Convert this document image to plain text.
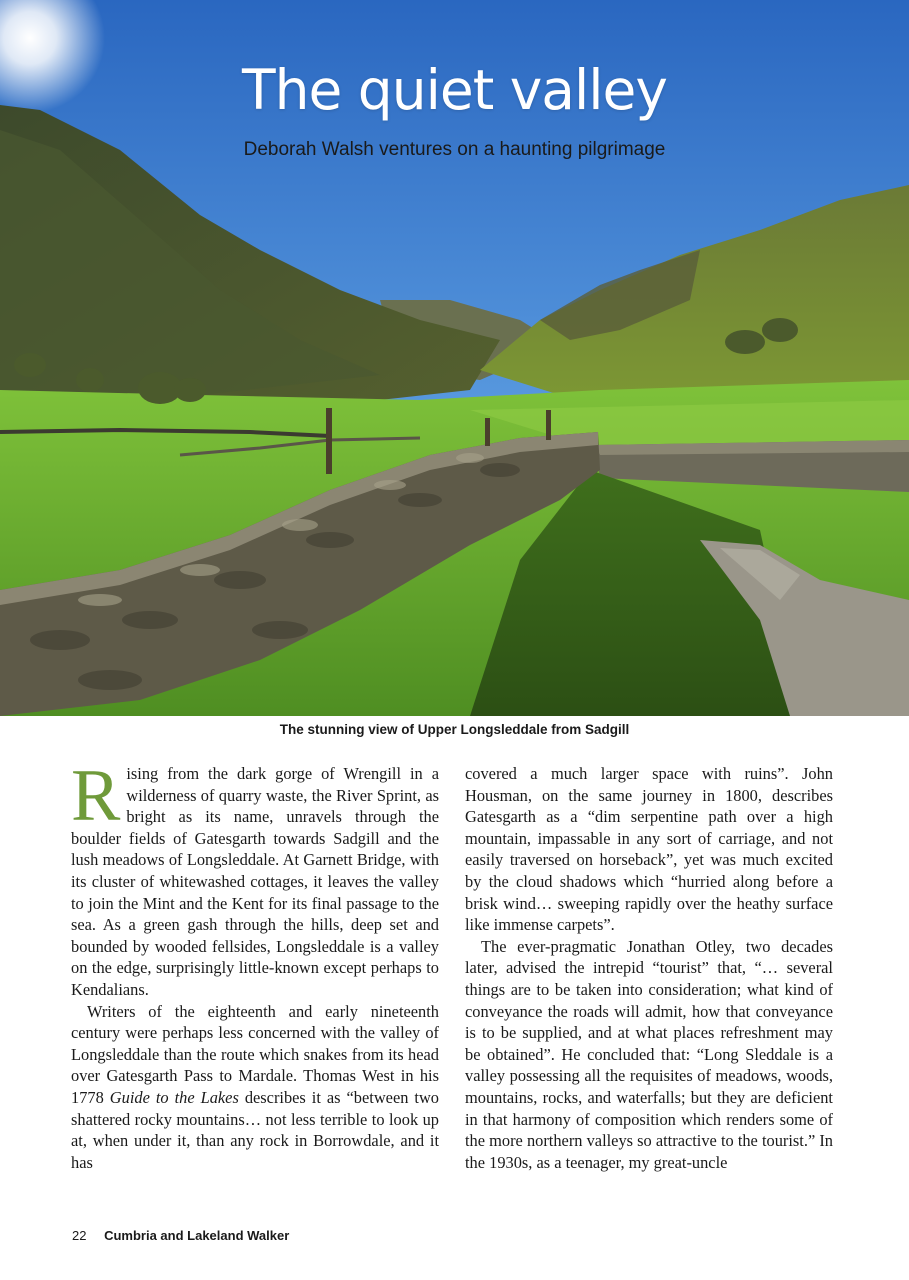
The quiet valley
Deborah Walsh ventures on a haunting pilgrimage
The stunning view of Upper Longsleddale from Sadgill

Rising from the dark gorge of Wrengill in a wilderness of quarry waste, the River Sprint, as bright as its name, unravels through the boulder fields of Gatesgarth towards Sadgill and the lush meadows of Longsleddale. At Garnett Bridge, with its cluster of whitewashed cottages, it leaves the valley to join the Mint and the Kent for its final passage to the sea. As a green gash through the hills, deep set and bounded by wooded fellsides, Longsleddale is a valley on the edge, surprisingly little-known except perhaps to Kendalians.

Writers of the eighteenth and early nineteenth century were perhaps less concerned with the valley of Longsleddale than the route which snakes from its head over Gatesgarth Pass to Mardale. Thomas West in his 1778 Guide to the Lakes describes it as “between two shattered rocky mountains… not less terrible to look up at, when under it, than any rock in Borrowdale, and it has

covered a much larger space with ruins”. John Housman, on the same journey in 1800, describes Gatesgarth as a “dim serpentine path over a high mountain, impassable in any sort of carriage, and not easily traversed on horseback”, yet was much excited by the cloud shadows which “hurried along before a brisk wind… sweeping rapidly over the heathy surface like immense carpets”.

The ever-pragmatic Jonathan Otley, two decades later, advised the intrepid “tourist” that, “… several things are to be taken into consideration; what kind of conveyance the roads will admit, how that conveyance is to be supplied, and at what places refreshment may be obtained”. He concluded that: “Long Sleddale is a valley possessing all the requisites of meadows, woods, mountains, rocks, and waterfalls; but they are deficient in that harmony of composition which renders some of the more northern valleys so attractive to the tourist.” In the 1930s, as a teenager, my great-uncle

22 Cumbria and Lakeland Walker
